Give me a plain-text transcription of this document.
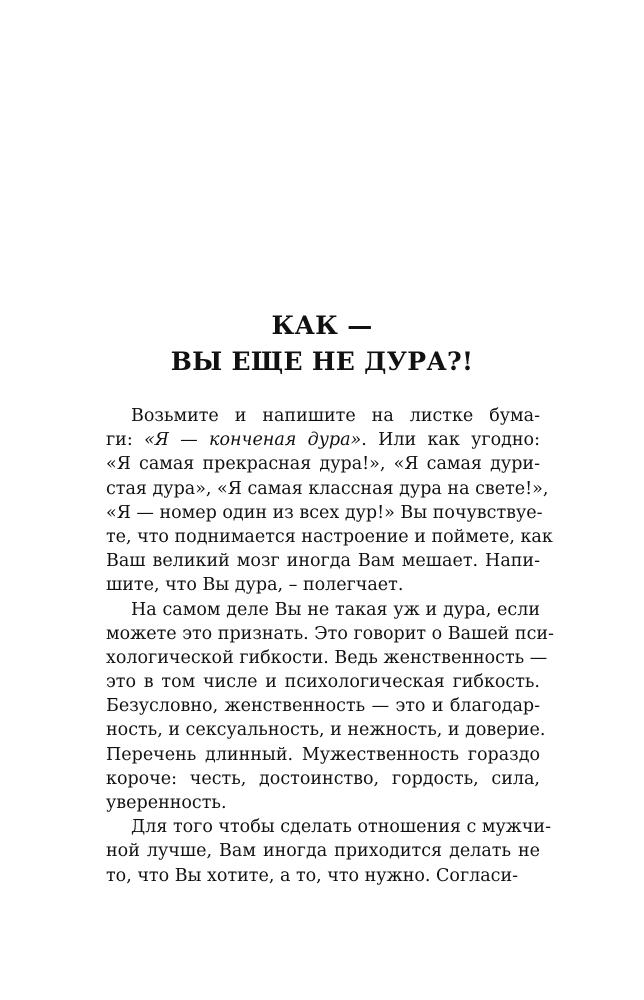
КАК —
ВЫ ЕЩЕ НЕ ДУРА?!
Возьмите и напишите на листке бума-
ги: «Я — конченая дура». Или как угодно:
«Я самая прекрасная дура!», «Я самая дури-
стая дура», «Я самая классная дура на свете!»,
«Я — номер один из всех дур!» Вы почувствуе-
те, что поднимается настроение и поймете, как
Ваш великий мозг иногда Вам мешает. Напи-
шите, что Вы дура, – полегчает.
На самом деле Вы не такая уж и дура, если
можете это признать. Это говорит о Вашей пси-
хологической гибкости. Ведь женственность —
это в том числе и психологическая гибкость.
Безусловно, женственность — это и благодар-
ность, и сексуальность, и нежность, и доверие.
Перечень длинный. Мужественность гораздо
короче: честь, достоинство, гордость, сила,
уверенность.
Для того чтобы сделать отношения с мужчи-
ной лучше, Вам иногда приходится делать не
то, что Вы хотите, а то, что нужно. Согласи-
